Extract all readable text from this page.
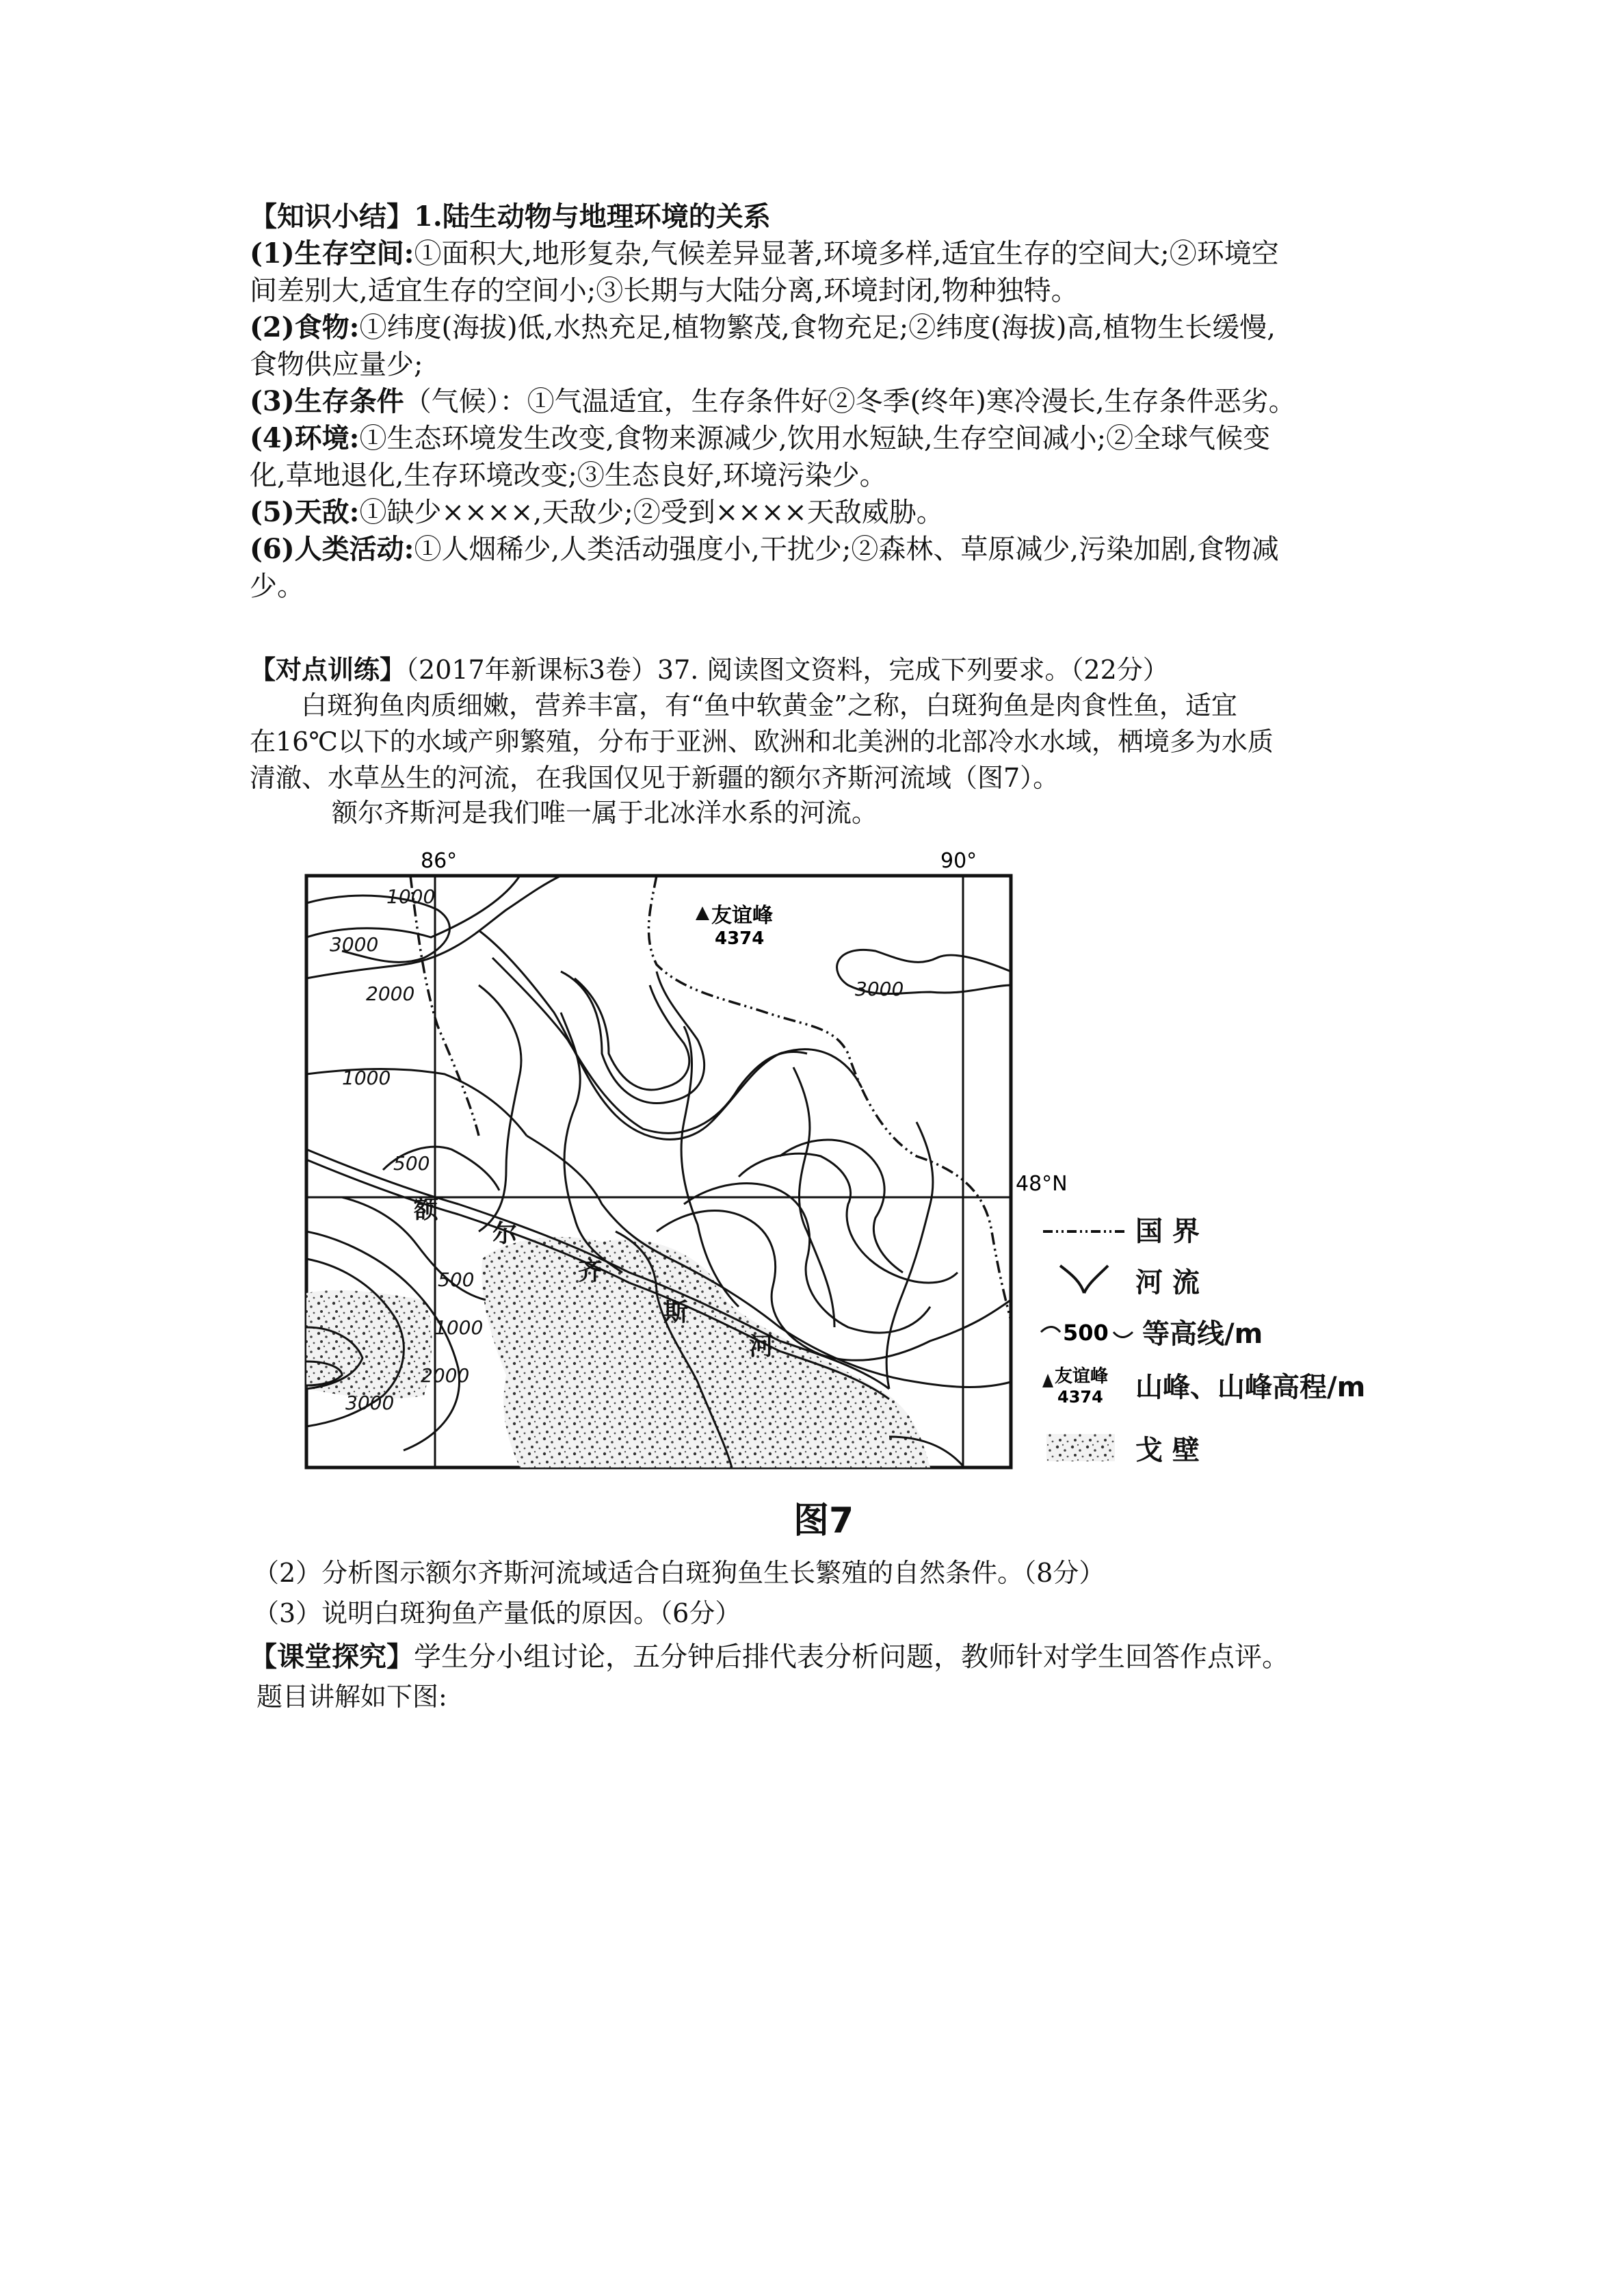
【知识小结】1.陆生动物与地理环境的关系
(1)生存空间:①面积大,地形复杂,气候差异显著,环境多样,适宜生存的空间大;②环境空
间差别大,适宜生存的空间小;③长期与大陆分离,环境封闭,物种独特。
(2)食物:①纬度(海拔)低,水热充足,植物繁茂,食物充足;②纬度(海拔)高,植物生长缓慢,
食物供应量少;
(3)生存条件（气候）：①气温适宜，生存条件好②冬季(终年)寒冷漫长,生存条件恶劣。
(4)环境:①生态环境发生改变,食物来源减少,饮用水短缺,生存空间减小;②全球气候变
化,草地退化,生存环境改变;③生态良好,环境污染少。
(5)天敌:①缺少××××,天敌少;②受到××××天敌威胁。
(6)人类活动:①人烟稀少,人类活动强度小,干扰少;②森林、草原减少,污染加剧,食物减
少。
【对点训练】（2017年新课标3卷）37. 阅读图文资料，完成下列要求。（22分）
白斑狗鱼肉质细嫩，营养丰富，有“鱼中软黄金”之称，白斑狗鱼是肉食性鱼，适宜
在16℃以下的水域产卵繁殖，分布于亚洲、欧洲和北美洲的北部冷水水域，栖境多为水质
清澈、水草丛生的河流，在我国仅见于新疆的额尔齐斯河流域（图7）。
额尔齐斯河是我们唯一属于北冰洋水系的河流。
86°	90°
48°N
友谊峰
4374
1000
3000
2000
1000
500
500
1000
2000
3000
3000
额
尔
齐
斯
河
国 界
河 流
500 等高线/m
友谊峰
4374 山峰、山峰高程/m
戈 壁
图7
（2）分析图示额尔齐斯河流域适合白斑狗鱼生长繁殖的自然条件。（8分）
（3）说明白斑狗鱼产量低的原因。（6分）
【课堂探究】学生分小组讨论，五分钟后排代表分析问题，教师针对学生回答作点评。
题目讲解如下图:
